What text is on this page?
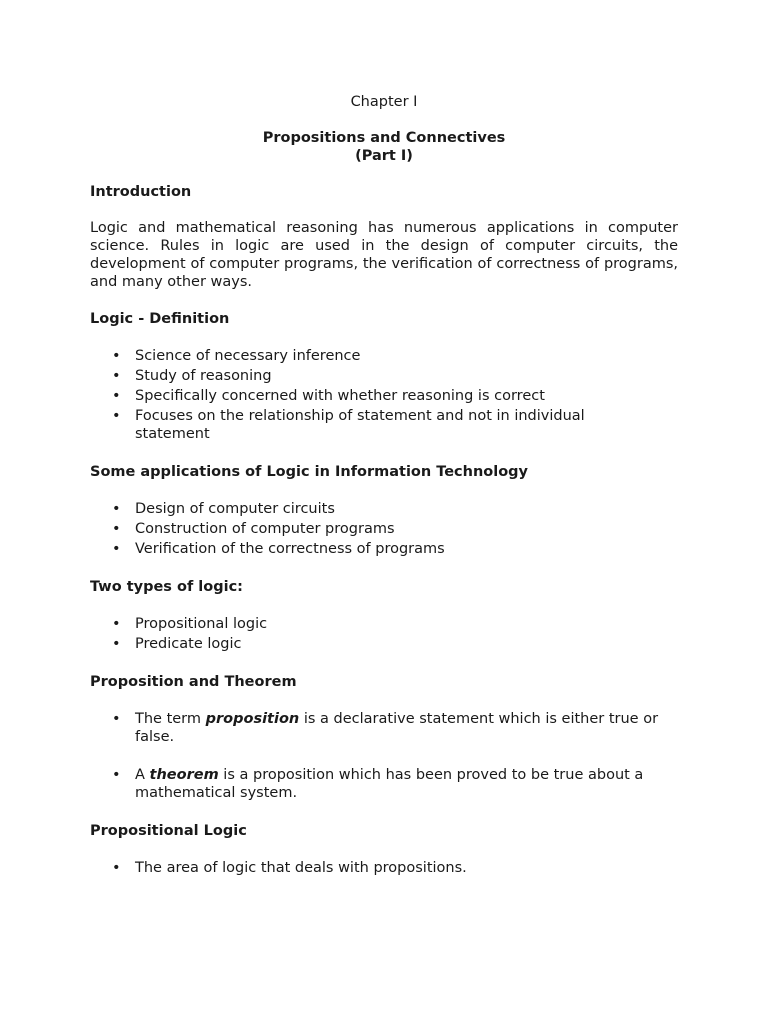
Chapter I
Propositions and Connectives
(Part I)
Introduction

Logic and mathematical reasoning has numerous applications in computer science. Rules in logic are used in the design of computer circuits, the development of computer programs, the verification of correctness of programs, and many other ways.

Logic - Definition
• Science of necessary inference
• Study of reasoning
• Specifically concerned with whether reasoning is correct
• Focuses on the relationship of statement and not in individual statement
Some applications of Logic in Information Technology
• Design of computer circuits
• Construction of computer programs
• Verification of the correctness of programs
Two types of logic:
• Propositional logic
• Predicate logic
Proposition and Theorem
• The term proposition is a declarative statement which is either true or false.
• A theorem is a proposition which has been proved to be true about a mathematical system.
Propositional Logic
• The area of logic that deals with propositions.
